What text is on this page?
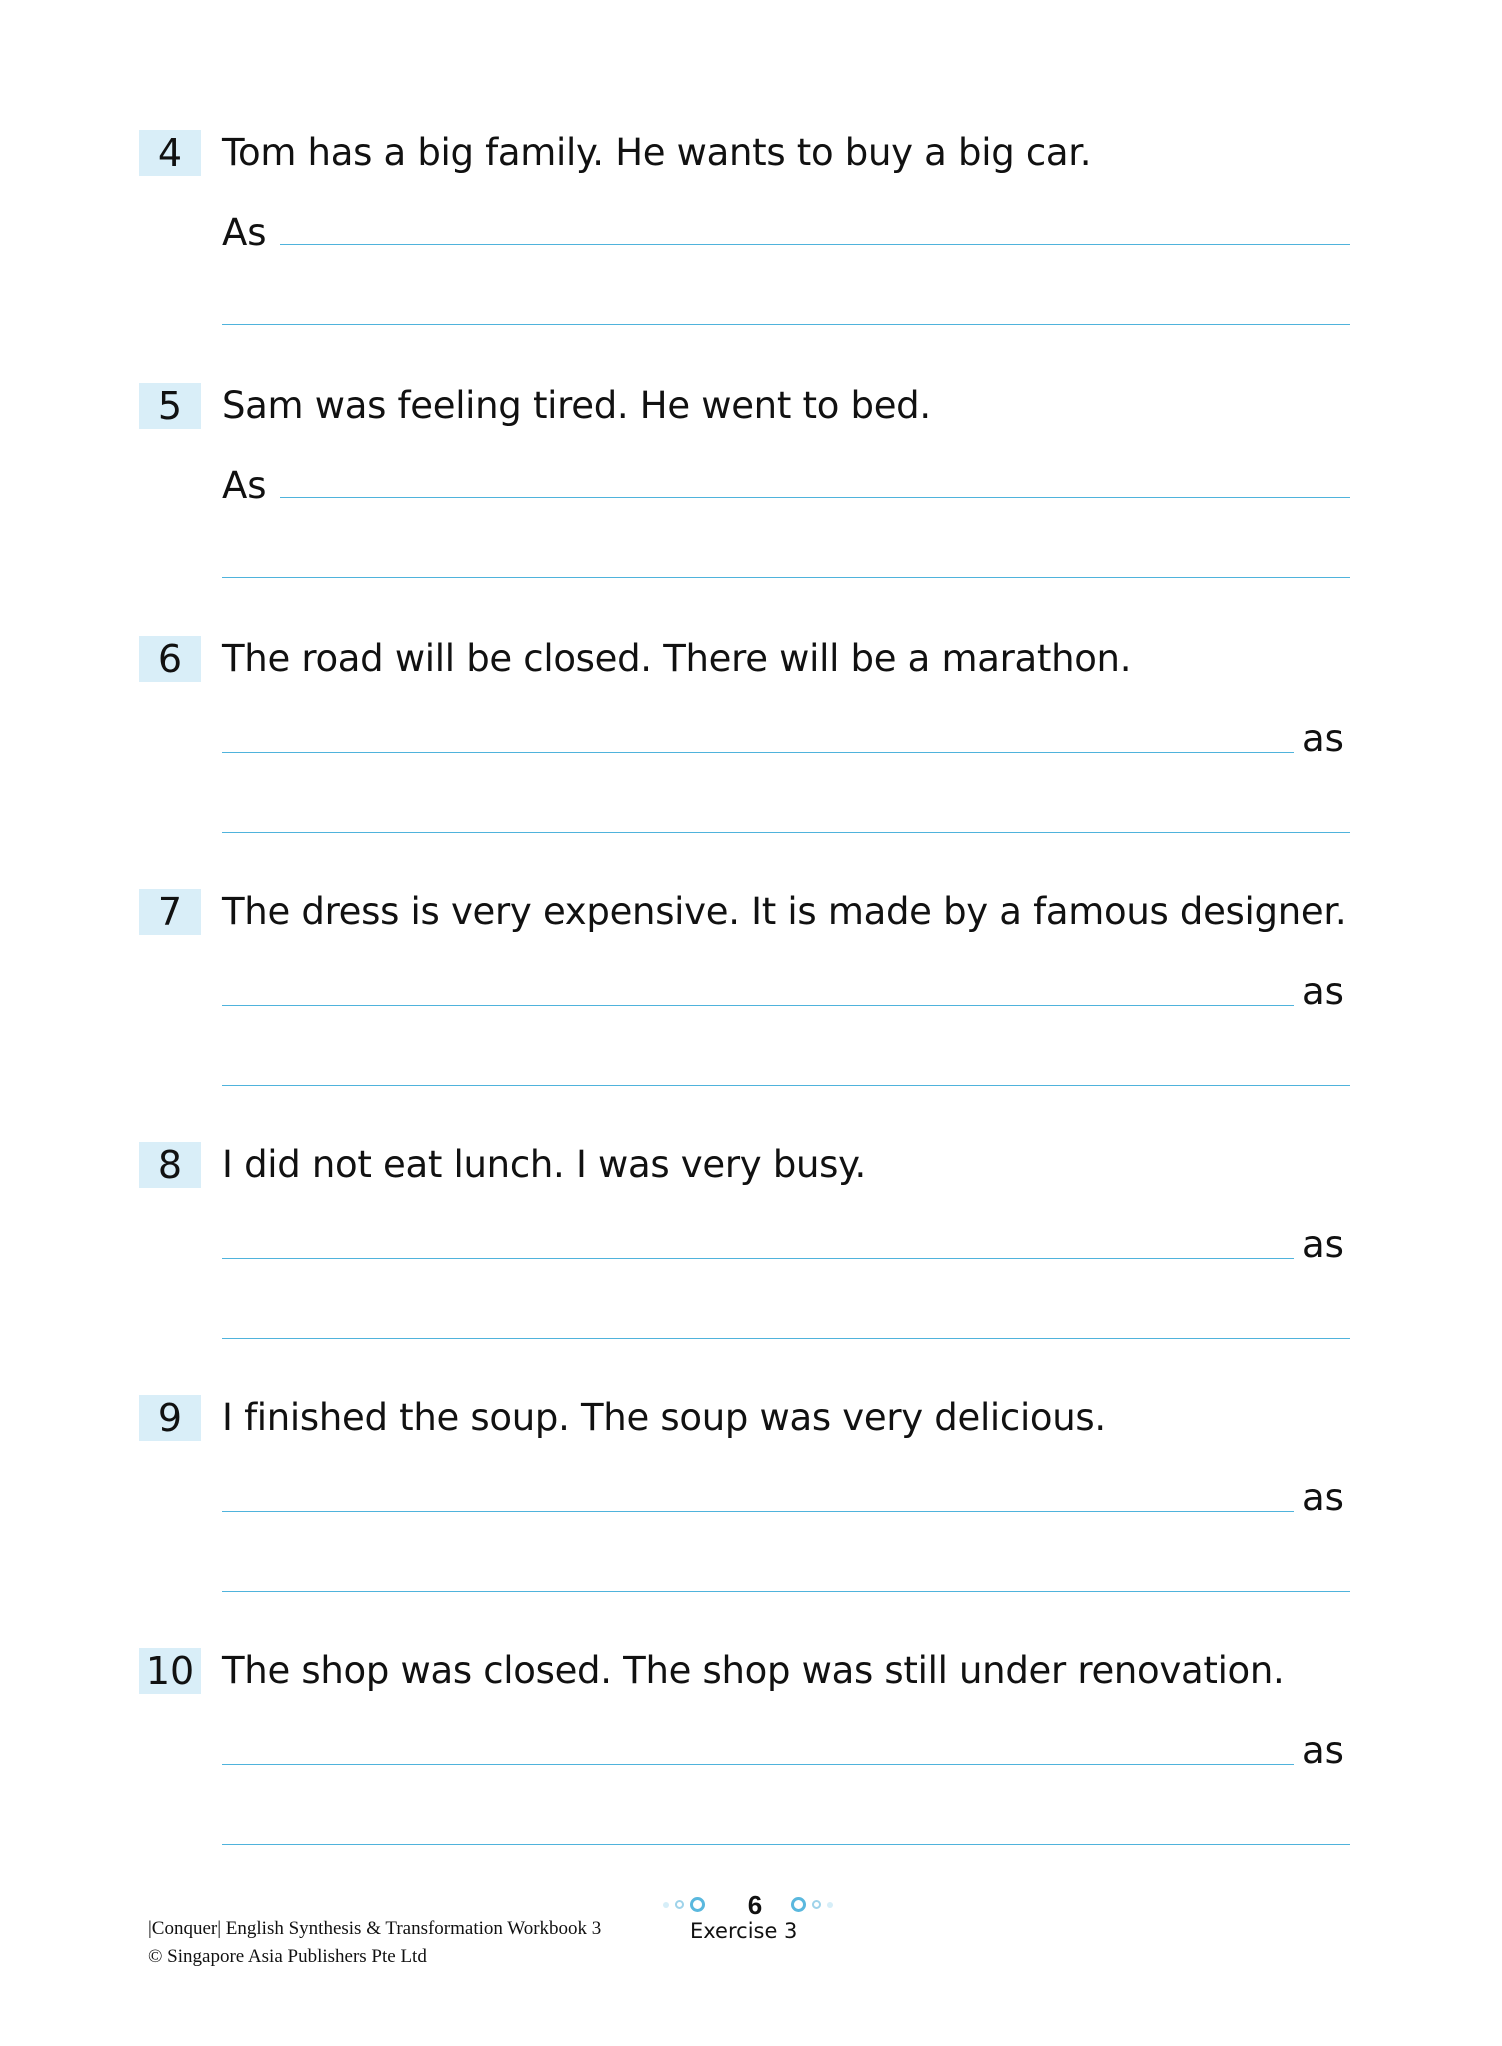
4	Tom has a big family. He wants to buy a big car.
As
5	Sam was feeling tired. He went to bed.
As
6	The road will be closed. There will be a marathon.
as
7	The dress is very expensive. It is made by a famous designer.
as
8	I did not eat lunch. I was very busy.
as
9	I finished the soup. The soup was very delicious.
as
10 The shop was closed. The shop was still under renovation.
as
6
Exercise 3
|Conquer| English Synthesis & Transformation Workbook 3
© Singapore Asia Publishers Pte Ltd
